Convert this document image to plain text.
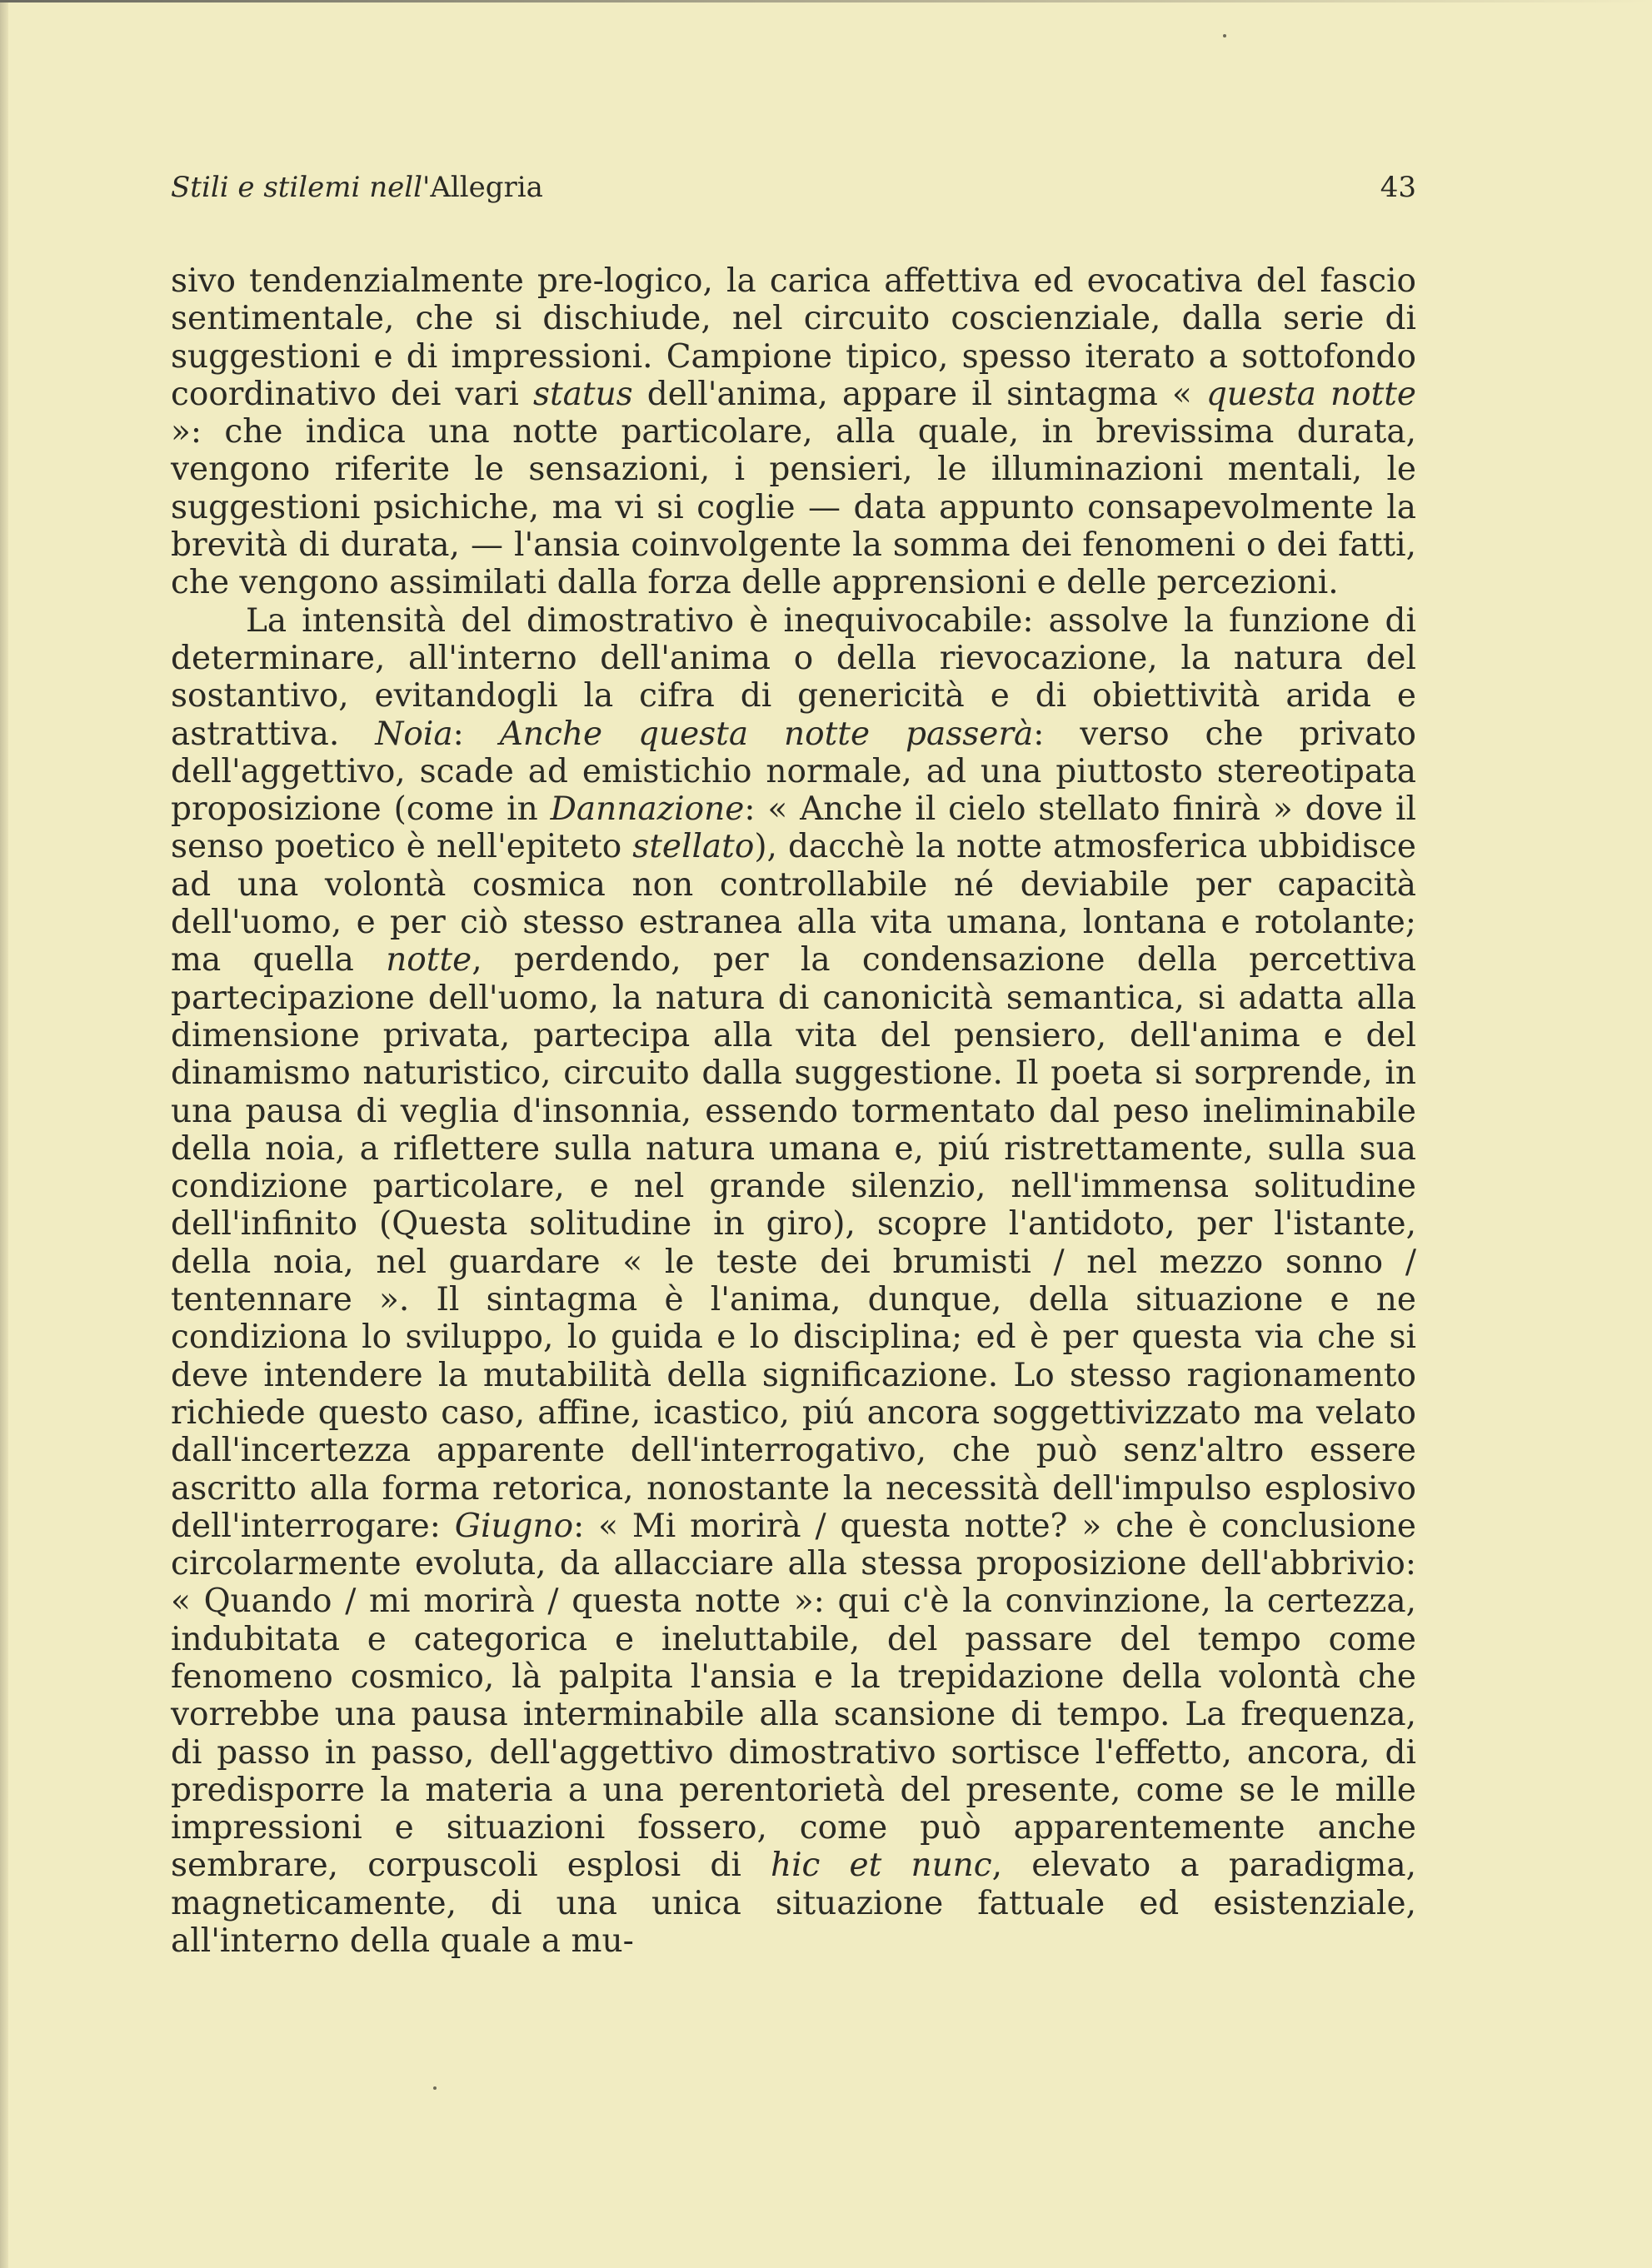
Stili e stilemi nell'Allegria	43

sivo tendenzialmente pre-logico, la carica affettiva ed evocativa del fascio sentimentale, che si dischiude, nel circuito coscienziale, dalla serie di suggestioni e di impressioni. Campione tipico, spesso iterato a sottofondo coordinativo dei vari status dell'anima, appare il sintagma « questa notte »: che indica una notte particolare, alla quale, in brevissima durata, vengono riferite le sensazioni, i pensieri, le illuminazioni mentali, le suggestioni psichiche, ma vi si coglie — data appunto consapevolmente la brevità di durata, — l'ansia coinvolgente la somma dei fenomeni o dei fatti, che vengono assimilati dalla forza delle apprensioni e delle percezioni.

La intensità del dimostrativo è inequivocabile: assolve la funzione di determinare, all'interno dell'anima o della rievocazione, la natura del sostantivo, evitandogli la cifra di genericità e di obiettività arida e astrattiva. Noia: Anche questa notte passerà: verso che privato dell'aggettivo, scade ad emistichio normale, ad una piuttosto stereotipata proposizione (come in Dannazione: « Anche il cielo stellato finirà » dove il senso poetico è nell'epiteto stellato), dacchè la notte atmosferica ubbidisce ad una volontà cosmica non controllabile né deviabile per capacità dell'uomo, e per ciò stesso estranea alla vita umana, lontana e rotolante; ma quella notte, perdendo, per la condensazione della percettiva partecipazione dell'uomo, la natura di canonicità semantica, si adatta alla dimensione privata, partecipa alla vita del pensiero, dell'anima e del dinamismo naturistico, circuito dalla suggestione. Il poeta si sorprende, in una pausa di veglia d'insonnia, essendo tormentato dal peso ineliminabile della noia, a riflettere sulla natura umana e, piú ristrettamente, sulla sua condizione particolare, e nel grande silenzio, nell'immensa solitudine dell'infinito (Questa solitudine in giro), scopre l'antidoto, per l'istante, della noia, nel guardare « le teste dei brumisti / nel mezzo sonno / tentennare ». Il sintagma è l'anima, dunque, della situazione e ne condiziona lo sviluppo, lo guida e lo disciplina; ed è per questa via che si deve intendere la mutabilità della significazione. Lo stesso ragionamento richiede questo caso, affine, icastico, piú ancora soggettivizzato ma velato dall'incertezza apparente dell'interrogativo, che può senz'altro essere ascritto alla forma retorica, nonostante la necessità dell'impulso esplosivo dell'interrogare: Giugno: « Mi morirà / questa notte? » che è conclusione circolarmente evoluta, da allacciare alla stessa proposizione dell'abbrivio: « Quando / mi morirà / questa notte »: qui c'è la convinzione, la certezza, indubitata e categorica e ineluttabile, del passare del tempo come fenomeno cosmico, là palpita l'ansia e la trepidazione della volontà che vorrebbe una pausa interminabile alla scansione di tempo. La frequenza, di passo in passo, dell'aggettivo dimostrativo sortisce l'effetto, ancora, di predisporre la materia a una perentorietà del presente, come se le mille impressioni e situazioni fossero, come può apparentemente anche sembrare, corpuscoli esplosi di hic et nunc, elevato a paradigma, magneticamente, di una unica situazione fattuale ed esistenziale, all'interno della quale a mu-
